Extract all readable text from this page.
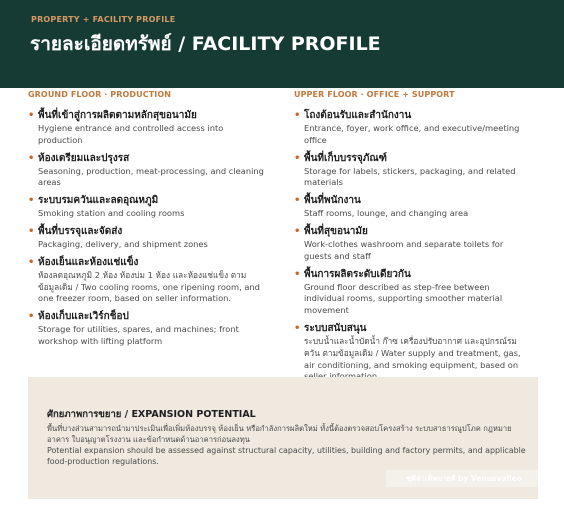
PROPERTY + FACILITY PROFILE
รายละเอียดทรัพย์ / FACILITY PROFILE
GROUND FLOOR · PRODUCTION
• พื้นที่เข้าสู่การผลิตตามหลักสุขอนามัย
Hygiene entrance and controlled access into production
• ห้องเตรียมและปรุงรส
Seasoning, production, meat-processing, and cleaning areas
• ระบบรมควันและลดอุณหภูมิ
Smoking station and cooling rooms
• พื้นที่บรรจุและจัดส่ง
Packaging, delivery, and shipment zones
• ห้องเย็นและห้องแช่แข็ง
ห้องลดอุณหภูมิ 2 ห้อง ห้องบ่ม 1 ห้อง และห้องแช่แข็ง ตามข้อมูลเดิม / Two cooling rooms, one ripening room, and one freezer room, based on seller information.
• ห้องเก็บและเวิร์กช็อป
Storage for utilities, spares, and machines; front workshop with lifting platform
UPPER FLOOR · OFFICE + SUPPORT
• โถงต้อนรับและสำนักงาน
Entrance, foyer, work office, and executive/meeting office
• พื้นที่เก็บบรรจุภัณฑ์
Storage for labels, stickers, packaging, and related materials
• พื้นที่พนักงาน
Staff rooms, lounge, and changing area
• พื้นที่สุขอนามัย
Work-clothes washroom and separate toilets for guests and staff
• พื้นการผลิตระดับเดียวกัน
Ground floor described as step-free between individual rooms, supporting smoother material movement
• ระบบสนับสนุน
ระบบน้ำและน้ำบัดน้ำ ก๊าซ เครื่องปรับอากาศ และอุปกรณ์รมควัน ตามข้อมูลเดิม / Water supply and treatment, gas, air conditioning, and smoking equipment, based on
ศักยภาพการขยาย / EXPANSION POTENTIAL
พื้นที่บางส่วนสามารถนำมาประเมินเพื่อเพิ่มห้องบรรจุ ห้องเย็น หรือกำลังการผลิตใหม่ ทั้งนี้ต้องตรวจสอบโครงสร้าง ระบบสาธารณูปโภค กฎหมายอาคาร ใบอนุญาตโรงงาน และข้อกำหนดด้านอาคารก่อนลงทุน
Potential expansion should be assessed against structural capacity, utilities, building and factory permits, and applicable food-production regulations.
ชุดีสาเด็พมายส์ by Venusvalleo
